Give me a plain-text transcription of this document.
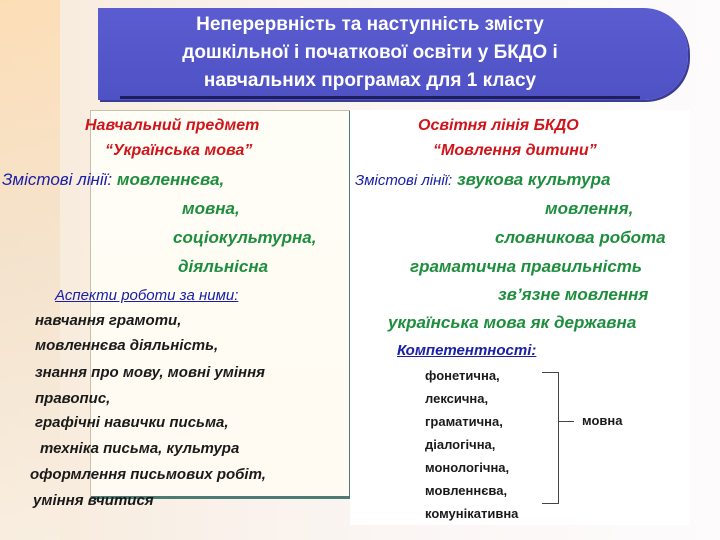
Неперервність та наступність змісту
дошкільної і початкової освіти у БКДО і
навчальних програмах для 1 класу
Навчальний предмет
“Українська мова”
Змістові лінії: мовленнєва,
мовна,
соціокультурна,
діяльнісна
Аспекти роботи за ними:
навчання грамоти,
мовленнєва діяльність,
знання про мову, мовні уміння
правопис,
графічні навички письма,
техніка письма, культура
оформлення письмових робіт,
уміння вчитися
Освітня лінія БКДО
“Мовлення дитини”
Змістові лінії: звукова культура
мовлення,
словникова робота
граматична правильність
зв’язне мовлення
українська мова як державна
Компетентності:
фонетична,
лексична,
граматична,
діалогічна,
монологічна,
мовленнєва,
комунікативна
мовна
